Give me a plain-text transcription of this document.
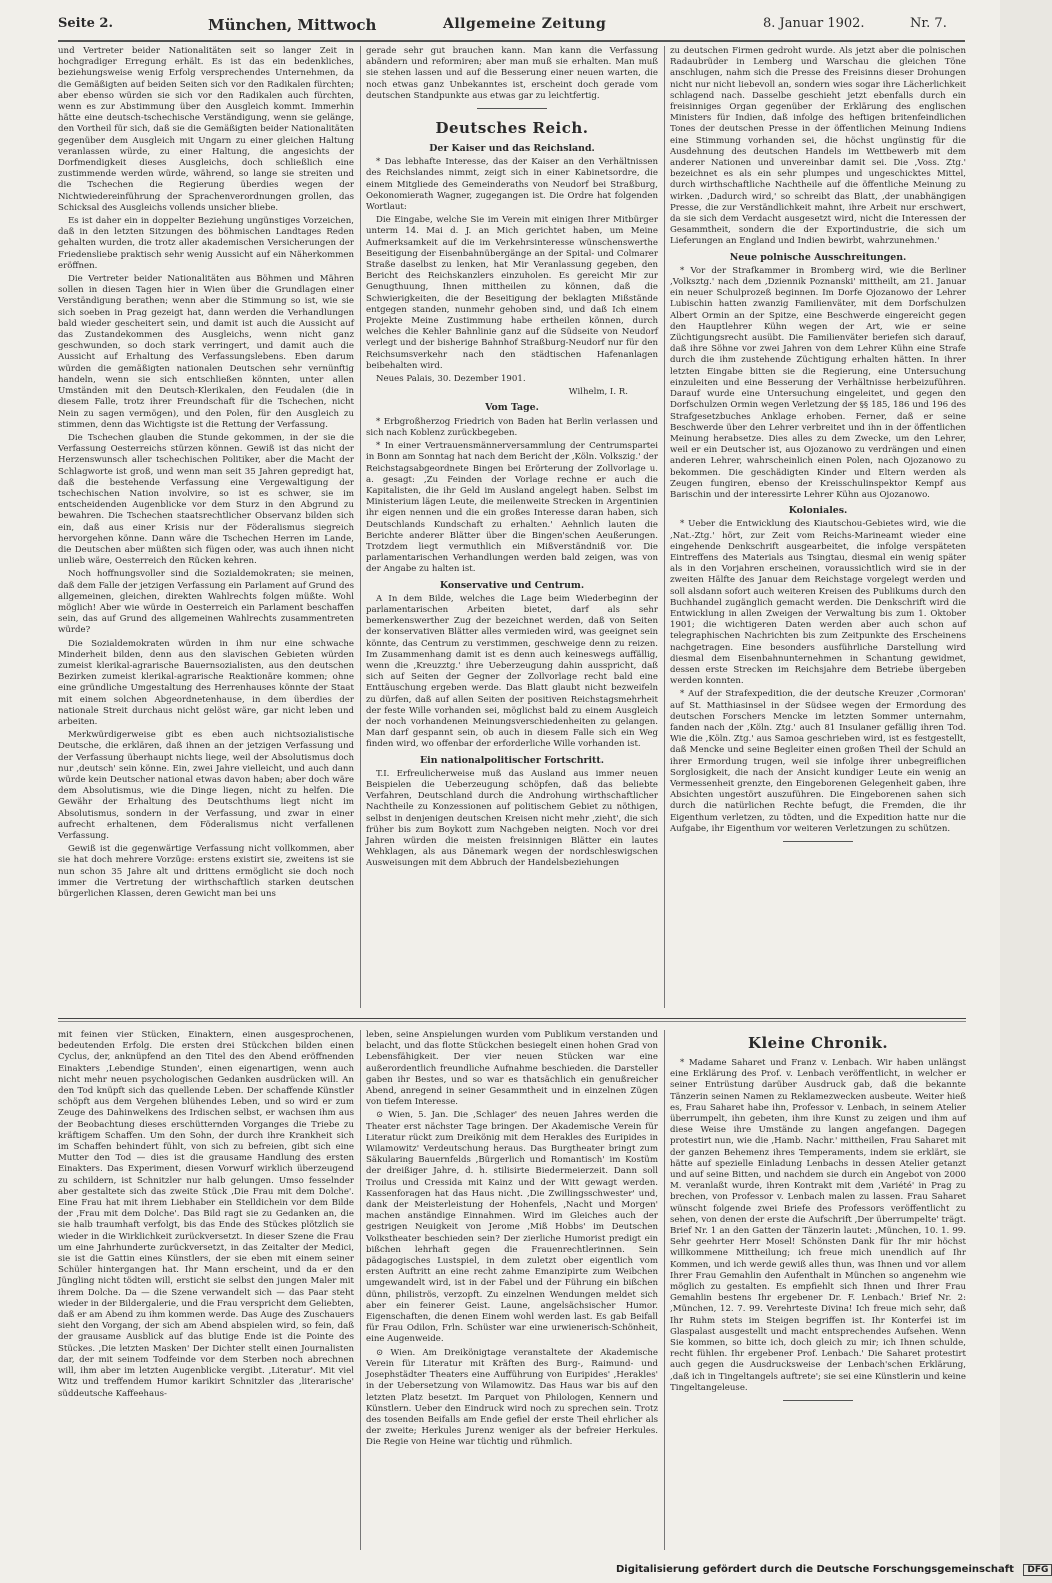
Seite 2.	München, Mittwoch	Allgemeine Zeitung	8. Januar 1902.	Nr. 7.

und Vertreter beider Nationalitäten seit so langer Zeit in hochgradiger Erregung erhält. Es ist das ein bedenkliches, beziehungsweise wenig Erfolg versprechendes Unternehmen, da die Gemäßigten auf beiden Seiten sich vor den Radikalen fürchten; aber ebenso würden sie sich vor den Radikalen auch fürchten, wenn es zur Abstimmung über den Ausgleich kommt. Immerhin hätte eine deutsch-tschechische Verständigung, wenn sie gelänge, den Vortheil für sich, daß sie die Gemäßigten beider Nationalitäten gegenüber dem Ausgleich mit Ungarn zu einer gleichen Haltung veranlassen würde, zu einer Haltung, die angesichts der Dorfmendigkeit dieses Ausgleichs, doch schließlich eine zustimmende werden würde, während, so lange sie streiten und die Tschechen die Regierung überdies wegen der Nichtwiedereinführung der Sprachenverordnungen grollen, das Schicksal des Ausgleichs vollends unsicher bliebe.

Es ist daher ein in doppelter Beziehung ungünstiges Vorzeichen, daß in den letzten Sitzungen des böhmischen Landtages Reden gehalten wurden, die trotz aller akademischen Versicherungen der Friedensliebe praktisch sehr wenig Aussicht auf ein Näherkommen eröffnen.

Die Vertreter beider Nationalitäten aus Böhmen und Mähren sollen in diesen Tagen hier in Wien über die Grundlagen einer Verständigung berathen; wenn aber die Stimmung so ist, wie sie sich soeben in Prag gezeigt hat, dann werden die Verhandlungen bald wieder gescheitert sein, und damit ist auch die Aussicht auf das Zustandekommen des Ausgleichs, wenn nicht ganz geschwunden, so doch stark verringert, und damit auch die Aussicht auf Erhaltung des Verfassungslebens. Eben darum würden die gemäßigten nationalen Deutschen sehr vernünftig handeln, wenn sie sich entschließen könnten, unter allen Umständen mit den Deutsch-Klerikalen, den Feudalen (die in diesem Falle, trotz ihrer Freundschaft für die Tschechen, nicht Nein zu sagen vermögen), und den Polen, für den Ausgleich zu stimmen, denn das Wichtigste ist die Rettung der Verfassung.

Die Tschechen glauben die Stunde gekommen, in der sie die Verfassung Oesterreichs stürzen können. Gewiß ist das nicht der Herzenswunsch aller tschechischen Politiker, aber die Macht der Schlagworte ist groß, und wenn man seit 35 Jahren gepredigt hat, daß die bestehende Verfassung eine Vergewaltigung der tschechischen Nation involvire, so ist es schwer, sie im entscheidenden Augenblicke vor dem Sturz in den Abgrund zu bewahren. Die Tschechen staatsrechtlicher Observanz bilden sich ein, daß aus einer Krisis nur der Föderalismus siegreich hervorgehen könne. Dann wäre die Tschechen Herren im Lande, die Deutschen aber müßten sich fügen oder, was auch ihnen nicht unlieb wäre, Oesterreich den Rücken kehren.

Noch hoffnungsvoller sind die Sozialdemokraten; sie meinen, daß dem Falle der jetzigen Verfassung ein Parlament auf Grund des allgemeinen, gleichen, direkten Wahlrechts folgen müßte. Wohl möglich! Aber wie würde in Oesterreich ein Parlament beschaffen sein, das auf Grund des allgemeinen Wahlrechts zusammentreten würde?

Die Sozialdemokraten würden in ihm nur eine schwache Minderheit bilden, denn aus den slavischen Gebieten würden zumeist klerikal-agrarische Bauernsozialisten, aus den deutschen Bezirken zumeist klerikal-agrarische Reaktionäre kommen; ohne eine gründliche Umgestaltung des Herrenhauses könnte der Staat mit einem solchen Abgeordnetenhause, in dem überdies der nationale Streit durchaus nicht gelöst wäre, gar nicht leben und arbeiten.

Merkwürdigerweise gibt es eben auch nichtsozialistische Deutsche, die erklären, daß ihnen an der jetzigen Verfassung und der Verfassung überhaupt nichts liege, weil der Absolutismus doch nur ,deutsch' sein könne. Ein, zwei Jahre vielleicht, und auch dann würde kein Deutscher national etwas davon haben; aber doch wäre dem Absolutismus, wie die Dinge liegen, nicht zu helfen. Die Gewähr der Erhaltung des Deutschthums liegt nicht im Absolutismus, sondern in der Verfassung, und zwar in einer aufrecht erhaltenen, dem Föderalismus nicht verfallenen Verfassung.

Gewiß ist die gegenwärtige Verfassung nicht vollkommen, aber sie hat doch mehrere Vorzüge: erstens existirt sie, zweitens ist sie nun schon 35 Jahre alt und drittens ermöglicht sie doch noch immer die Vertretung der wirthschaftlich starken deutschen bürgerlichen Klassen, deren Gewicht man bei uns

gerade sehr gut brauchen kann. Man kann die Verfassung abändern und reformiren; aber man muß sie erhalten. Man muß sie stehen lassen und auf die Besserung einer neuen warten, die noch etwas ganz Unbekanntes ist, erscheint doch gerade vom deutschen Standpunkte aus etwas gar zu leichtfertig.

Deutsches Reich.
Der Kaiser und das Reichsland.

* Das lebhafte Interesse, das der Kaiser an den Verhältnissen des Reichslandes nimmt, zeigt sich in einer Kabinetsordre, die einem Mitgliede des Gemeinderaths von Neudorf bei Straßburg, Oekonomierath Wagner, zugegangen ist. Die Ordre hat folgenden Wortlaut:

Die Eingabe, welche Sie im Verein mit einigen Ihrer Mitbürger unterm 14. Mai d. J. an Mich gerichtet haben, um Meine Aufmerksamkeit auf die im Verkehrsinteresse wünschenswerthe Beseitigung der Eisenbahnübergänge an der Spital- und Colmarer Straße daselbst zu lenken, hat Mir Veranlassung gegeben, den Bericht des Reichskanzlers einzuholen. Es gereicht Mir zur Genugthuung, Ihnen mittheilen zu können, daß die Schwierigkeiten, die der Beseitigung der beklagten Mißstände entgegen standen, nunmehr gehoben sind, und daß Ich einem Projekte Meine Zustimmung habe ertheilen können, durch welches die Kehler Bahnlinie ganz auf die Südseite von Neudorf verlegt und der bisherige Bahnhof Straßburg-Neudorf nur für den Reichsumsverkehr nach den städtischen Hafenanlagen beibehalten wird.

Neues Palais, 30. Dezember 1901.
Wilhelm, I. R.
Vom Tage.

* Erbgroßherzog Friedrich von Baden hat Berlin verlassen und sich nach Koblenz zurückbegeben.

* In einer Vertrauensmännerversammlung der Centrumspartei in Bonn am Sonntag hat nach dem Bericht der ,Köln. Volkszig.' der Reichstagsabgeordnete Bingen bei Erörterung der Zollvorlage u. a. gesagt: ,Zu Feinden der Vorlage rechne er auch die Kapitalisten, die ihr Geld im Ausland angelegt haben. Selbst im Ministerium lägen Leute, die meilenweite Strecken in Argentinien ihr eigen nennen und die ein großes Interesse daran haben, sich Deutschlands Kundschaft zu erhalten.' Aehnlich lauten die Berichte anderer Blätter über die Bingen'schen Aeußerungen. Trotzdem liegt vermuthlich ein Mißverständniß vor. Die parlamentarischen Verhandlungen werden bald zeigen, was von der Angabe zu halten ist.

Konservative und Centrum.

A In dem Bilde, welches die Lage beim Wiederbeginn der parlamentarischen Arbeiten bietet, darf als sehr bemerkenswerther Zug der bezeichnet werden, daß von Seiten der konservativen Blätter alles vermieden wird, was geeignet sein könnte, das Centrum zu verstimmen, geschweige denn zu reizen. Im Zusammenhang damit ist es denn auch keineswegs auffällig, wenn die ,Kreuzztg.' ihre Ueberzeugung dahin ausspricht, daß sich auf Seiten der Gegner der Zollvorlage recht bald eine Enttäuschung ergeben werde. Das Blatt glaubt nicht bezweifeln zu dürfen, daß auf allen Seiten der positiven Reichstagsmehrheit der feste Wille vorhanden sei, möglichst bald zu einem Ausgleich der noch vorhandenen Meinungsverschiedenheiten zu gelangen. Man darf gespannt sein, ob auch in diesem Falle sich ein Weg finden wird, wo offenbar der erforderliche Wille vorhanden ist.

Ein nationalpolitischer Fortschritt.

T.I. Erfreulicherweise muß das Ausland aus immer neuen Beispielen die Ueberzeugung schöpfen, daß das beliebte Verfahren, Deutschland durch die Androhung wirthschaftlicher Nachtheile zu Konzessionen auf politischem Gebiet zu nöthigen, selbst in denjenigen deutschen Kreisen nicht mehr ,zieht', die sich früher bis zum Boykott zum Nachgeben neigten. Noch vor drei Jahren würden die meisten freisinnigen Blätter ein lautes Wehklagen, als aus Dänemark wegen der nordschleswigschen Ausweisungen mit dem Abbruch der Handelsbeziehungen

zu deutschen Firmen gedroht wurde. Als jetzt aber die polnischen Radaubrüder in Lemberg und Warschau die gleichen Töne anschlugen, nahm sich die Presse des Freisinns dieser Drohungen nicht nur nicht liebevoll an, sondern wies sogar ihre Lächerlichkeit schlagend nach. Dasselbe geschieht jetzt ebenfalls durch ein freisinniges Organ gegenüber der Erklärung des englischen Ministers für Indien, daß infolge des heftigen britenfeindlichen Tones der deutschen Presse in der öffentlichen Meinung Indiens eine Stimmung vorhanden sei, die höchst ungünstig für die Ausdehnung des deutschen Handels im Wettbewerb mit dem anderer Nationen und unvereinbar damit sei. Die ,Voss. Ztg.' bezeichnet es als ein sehr plumpes und ungeschicktes Mittel, durch wirthschaftliche Nachtheile auf die öffentliche Meinung zu wirken. ,Dadurch wird,' so schreibt das Blatt, ,der unabhängigen Presse, die zur Verständlichkeit mahnt, ihre Arbeit nur erschwert, da sie sich dem Verdacht ausgesetzt wird, nicht die Interessen der Gesammtheit, sondern die der Exportindustrie, die sich um Lieferungen an England und Indien bewirbt, wahrzunehmen.'

Neue polnische Ausschreitungen.

* Vor der Strafkammer in Bromberg wird, wie die Berliner ,Volksztg.' nach dem ,Dziennik Poznanski' mittheilt, am 21. Januar ein neuer Schulprozeß beginnen. Im Dorfe Ojozanowo der Lehrer Lubischin hatten zwanzig Familienväter, mit dem Dorfschulzen Albert Ormin an der Spitze, eine Beschwerde eingereicht gegen den Hauptlehrer Kühn wegen der Art, wie er seine Züchtigungsrecht ausübt. Die Familienväter beriefen sich darauf, daß ihre Söhne vor zwei Jahren von dem Lehrer Kühn eine Strafe durch die ihm zustehende Züchtigung erhalten hätten. In ihrer letzten Eingabe bitten sie die Regierung, eine Untersuchung einzuleiten und eine Besserung der Verhältnisse herbeizuführen. Darauf wurde eine Untersuchung eingeleitet, und gegen den Dorfschulzen Ormin wegen Verletzung der §§ 185, 186 und 196 des Strafgesetzbuches Anklage erhoben. Ferner, daß er seine Beschwerde über den Lehrer verbreitet und ihn in der öffentlichen Meinung herabsetze. Dies alles zu dem Zwecke, um den Lehrer, weil er ein Deutscher ist, aus Ojozanowo zu verdrängen und einen anderen Lehrer, wahrscheinlich einen Polen, nach Ojozanowo zu bekommen. Die geschädigten Kinder und Eltern werden als Zeugen fungiren, ebenso der Kreisschulinspektor Kempf aus Barischin und der interessirte Lehrer Kühn aus Ojozanowo.

Koloniales.

* Ueber die Entwicklung des Kiautschou-Gebietes wird, wie die ,Nat.-Ztg.' hört, zur Zeit vom Reichs-Marineamt wieder eine eingehende Denkschrift ausgearbeitet, die infolge verspäteten Eintreffens des Materials aus Tsingtau, diesmal ein wenig später als in den Vorjahren erscheinen, voraussichtlich wird sie in der zweiten Hälfte des Januar dem Reichstage vorgelegt werden und soll alsdann sofort auch weiteren Kreisen des Publikums durch den Buchhandel zugänglich gemacht werden. Die Denkschrift wird die Entwicklung in allen Zweigen der Verwaltung bis zum 1. Oktober 1901; die wichtigeren Daten werden aber auch schon auf telegraphischen Nachrichten bis zum Zeitpunkte des Erscheinens nachgetragen. Eine besonders ausführliche Darstellung wird diesmal dem Eisenbahnunternehmen in Schantung gewidmet, dessen erste Strecken im Reichsjahre dem Betriebe übergeben werden konnten.

* Auf der Strafexpedition, die der deutsche Kreuzer ,Cormoran' auf St. Matthiasinsel in der Südsee wegen der Ermordung des deutschen Forschers Mencke im letzten Sommer unternahm, fanden nach der ,Köln. Ztg.' auch 81 Insulaner gefällig ihren Tod. Wie die ,Köln. Ztg.' aus Samoa geschrieben wird, ist es festgestellt, daß Mencke und seine Begleiter einen großen Theil der Schuld an ihrer Ermordung trugen, weil sie infolge ihrer unbegreiflichen Sorglosigkeit, die nach der Ansicht kundiger Leute ein wenig an Vermessenheit grenzte, den Eingeborenen Gelegenheit gaben, ihre Absichten ungestört auszuführen. Die Eingeborenen sahen sich durch die natürlichen Rechte befugt, die Fremden, die ihr Eigenthum verletzen, zu tödten, und die Expedition hatte nur die Aufgabe, ihr Eigenthum vor weiteren Verletzungen zu schützen.

mit feinen vier Stücken, Einaktern, einen ausgesprochenen, bedeutenden Erfolg. Die ersten drei Stückchen bilden einen Cyclus, der, anknüpfend an den Titel des den Abend eröffnenden Einakters ,Lebendige Stunden', einen eigenartigen, wenn auch nicht mehr neuen psychologischen Gedanken ausdrücken will. An den Tod knüpft sich das quellende Leben. Der schaffende Künstler schöpft aus dem Vergehen blühendes Leben, und so wird er zum Zeuge des Dahinwelkens des Irdischen selbst, er wachsen ihm aus der Beobachtung dieses erschütternden Vorganges die Triebe zu kräftigem Schaffen. Um den Sohn, der durch ihre Krankheit sich im Schaffen behindert fühlt, von sich zu befreien, gibt sich eine Mutter den Tod — dies ist die grausame Handlung des ersten Einakters. Das Experiment, diesen Vorwurf wirklich überzeugend zu schildern, ist Schnitzler nur halb gelungen. Umso fesselnder aber gestaltete sich das zweite Stück ,Die Frau mit dem Dolche'. Eine Frau hat mit ihrem Liebhaber ein Stelldichein vor dem Bilde der ,Frau mit dem Dolche'. Das Bild ragt sie zu Gedanken an, die sie halb traumhaft verfolgt, bis das Ende des Stückes plötzlich sie wieder in die Wirklichkeit zurückversetzt. In dieser Szene die Frau um eine Jahrhunderte zurückversetzt, in das Zeitalter der Medici, sie ist die Gattin eines Künstlers, der sie eben mit einem seiner Schüler hintergangen hat. Ihr Mann erscheint, und da er den Jüngling nicht tödten will, ersticht sie selbst den jungen Maler mit ihrem Dolche. Da — die Szene verwandelt sich — das Paar steht wieder in der Bildergalerie, und die Frau verspricht dem Geliebten, daß er am Abend zu ihm kommen werde. Das Auge des Zuschauers sieht den Vorgang, der sich am Abend abspielen wird, so fein, daß der grausame Ausblick auf das blutige Ende ist die Pointe des Stückes. ,Die letzten Masken' Der Dichter stellt einen Journalisten dar, der mit seinem Todfeinde vor dem Sterben noch abrechnen will, ihm aber im letzten Augenblicke vergibt. ,Literatur'. Mit viel Witz und treffendem Humor karikirt Schnitzler das ,literarische' süddeutsche Kaffeehaus-

leben, seine Anspielungen wurden vom Publikum verstanden und belacht, und das flotte Stückchen besiegelt einen hohen Grad von Lebensfähigkeit. Der vier neuen Stücken war eine außerordentlich freundliche Aufnahme beschieden. die Darsteller gaben ihr Bestes, und so war es thatsächlich ein genußreicher Abend, anregend in seiner Gesammtheit und in einzelnen Zügen von tiefem Interesse.

⊙ Wien, 5. Jan. Die ,Schlager' des neuen Jahres werden die Theater erst nächster Tage bringen. Der Akademische Verein für Literatur rückt zum Dreikönig mit dem Herakles des Euripides in Wilamowitz' Verdeutschung heraus. Das Burgtheater bringt zum Säkularing Bauernfelds ,Bürgerlich und Romantisch' im Kostüm der dreißiger Jahre, d. h. stilisirte Biedermeierzeit. Dann soll Troilus und Cressida mit Kainz und der Witt gewagt werden. Kassenforagen hat das Haus nicht. ,Die Zwillingsschwester' und, dank der Meisterleistung der Hohenfels, ,Nacht und Morgen' machen anständige Einnahmen. Wird im Gleiches auch der gestrigen Neuigkeit von Jerome ,Miß Hobbs' im Deutschen Volkstheater beschieden sein? Der zierliche Humorist predigt ein bißchen lehrhaft gegen die Frauenrechtlerinnen. Sein pädagogisches Lustspiel, in dem zuletzt ober eigentlich vom ersten Auftritt an eine recht zahme Emanzipirte zum Weibchen umgewandelt wird, ist in der Fabel und der Führung ein bißchen dünn, philiströs, verzopft. Zu einzelnen Wendungen meldet sich aber ein feinerer Geist. Laune, angelsächsischer Humor. Eigenschaften, die denen Einem wohl werden last. Es gab Beifall für Frau Odilon, Frln. Schüster war eine urwienerisch-Schönheit, eine Augenweide.

⊙ Wien. Am Dreikönigtage veranstaltete der Akademische Verein für Literatur mit Kräften des Burg-, Raimund- und Josephstädter Theaters eine Aufführung von Euripides' ,Herakles' in der Uebersetzung von Wilamowitz. Das Haus war bis auf den letzten Platz besetzt. Im Parquet von Philologen, Kennern und Künstlern. Ueber den Eindruck wird noch zu sprechen sein. Trotz des tosenden Beifalls am Ende gefiel der erste Theil ehrlicher als der zweite; Herkules Jurenz weniger als der befreier Herkules. Die Regie von Heine war tüchtig und rühmlich.

Kleine Chronik.

* Madame Saharet und Franz v. Lenbach. Wir haben unlängst eine Erklärung des Prof. v. Lenbach veröffentlicht, in welcher er seiner Entrüstung darüber Ausdruck gab, daß die bekannte Tänzerin seinen Namen zu Reklamezwecken ausbeute. Weiter hieß es, Frau Saharet habe ihn, Professor v. Lenbach, in seinem Atelier überrumpelt, ihn gebeten, ihm ihre Kunst zu zeigen und ihm auf diese Weise ihre Umstände zu langen angefangen. Dagegen protestirt nun, wie die ,Hamb. Nachr.' mittheilen, Frau Saharet mit der ganzen Behemenz ihres Temperaments, indem sie erklärt, sie hätte auf spezielle Einladung Lenbachs in dessen Atelier getanzt und auf seine Bitten, und nachdem sie durch ein Angebot von 2000 M. veranlaßt wurde, ihren Kontrakt mit dem ,Variété' in Prag zu brechen, von Professor v. Lenbach malen zu lassen. Frau Saharet wünscht folgende zwei Briefe des Professors veröffentlicht zu sehen, von denen der erste die Aufschrift ,Der überrumpelte' trägt. Brief Nr. 1 an den Gatten der Tänzerin lautet: ,München, 10. 1. 99. Sehr geehrter Herr Mosel! Schönsten Dank für Ihr mir höchst willkommene Mittheilung; ich freue mich unendlich auf Ihr Kommen, und ich werde gewiß alles thun, was Ihnen und vor allem Ihrer Frau Gemahlin den Aufenthalt in München so angenehm wie möglich zu gestalten. Es empfiehlt sich Ihnen und Ihrer Frau Gemahlin bestens Ihr ergebener Dr. F. Lenbach.' Brief Nr. 2: ,München, 12. 7. 99. Verehrteste Divina! Ich freue mich sehr, daß Ihr Ruhm stets im Steigen begriffen ist. Ihr Konterfei ist im Glaspalast ausgestellt und macht entsprechendes Aufsehen. Wenn Sie kommen, so bitte ich, doch gleich zu mir; ich Ihnen schulde, recht fühlen. Ihr ergebener Prof. Lenbach.' Die Saharet protestirt auch gegen die Ausdrucksweise der Lenbach'schen Erklärung, ,daß ich in Tingeltangels auftrete'; sie sei eine Künstlerin und keine Tingeltangeleuse.

Digitalisierung gefördert durch die Deutsche Forschungsgemeinschaft DFG
